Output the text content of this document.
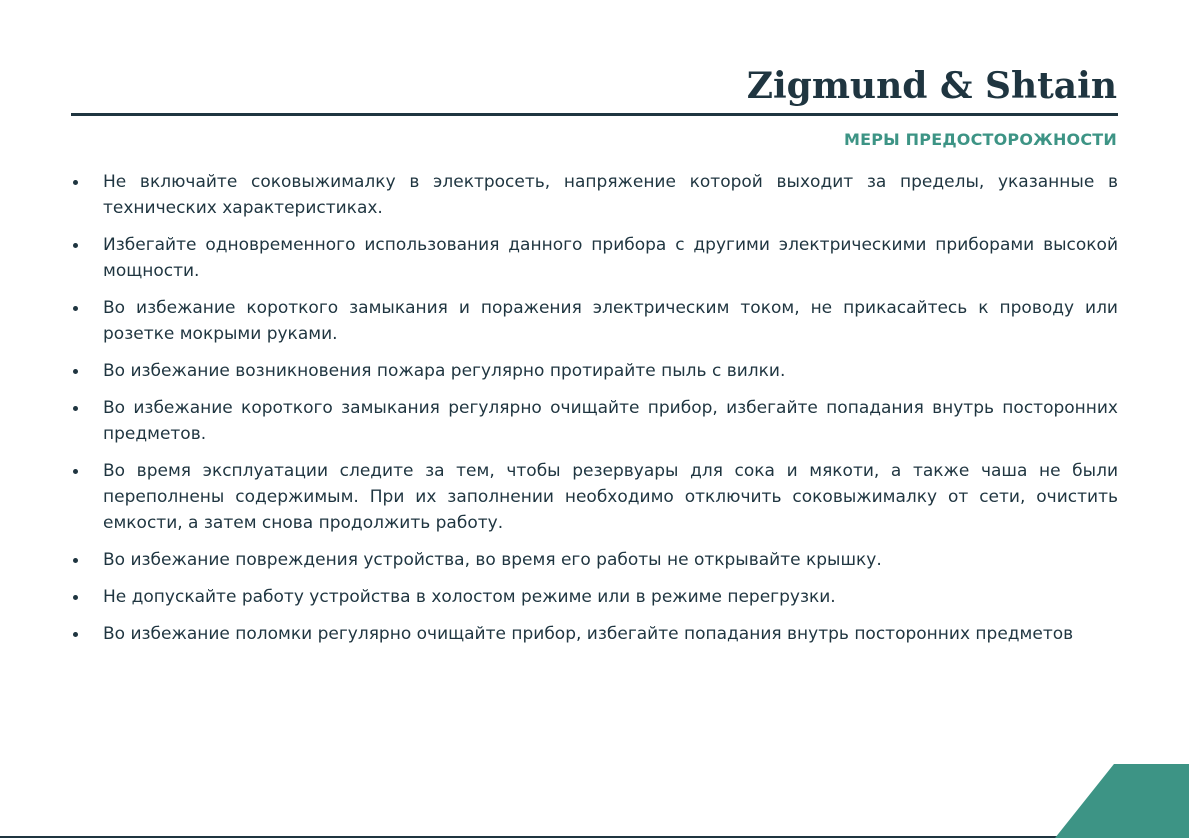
Zigmund & Shtain
МЕРЫ ПРЕДОСТОРОЖНОСТИ
Не включайте соковыжималку в электросеть, напряжение которой выходит за пределы, указанные в технических характеристиках.
Избегайте одновременного использования данного прибора с другими электрическими приборами высокой мощности.
Во избежание короткого замыкания и поражения электрическим током, не прикасайтесь к проводу или розетке мокрыми руками.
Во избежание возникновения пожара регулярно протирайте пыль с вилки.
Во избежание короткого замыкания регулярно очищайте прибор, избегайте попадания внутрь посторонних предметов.
Во время эксплуатации следите за тем, чтобы резервуары для сока и мякоти, а также чаша не были переполнены содержимым. При их заполнении необходимо отключить соковыжималку от сети, очистить емкости, а затем снова продолжить работу.
Во избежание повреждения устройства, во время его работы не открывайте крышку.
Не допускайте работу устройства в холостом режиме или в режиме перегрузки.
Во избежание поломки регулярно очищайте прибор, избегайте попадания внутрь посторонних предметов
